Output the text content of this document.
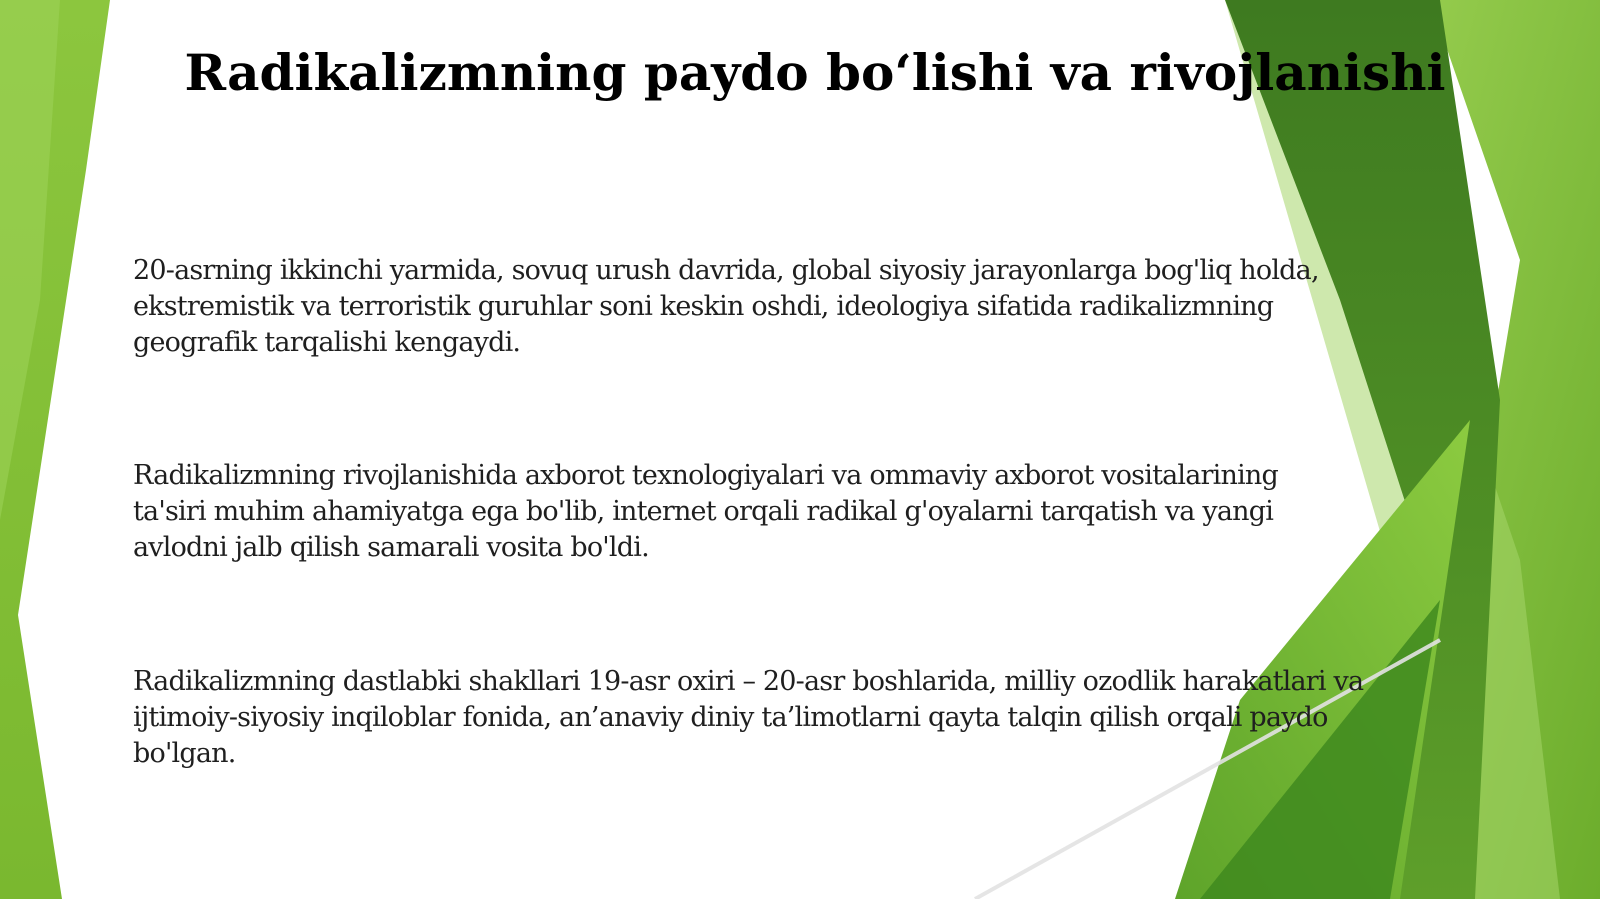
Radikalizmning paydo bo‘lishi va rivojlanishi

20-asrning ikkinchi yarmida, sovuq urush davrida, global siyosiy jarayonlarga bog'liq holda,
ekstremistik va terroristik guruhlar soni keskin oshdi, ideologiya sifatida radikalizmning
geografik tarqalishi kengaydi.

Radikalizmning rivojlanishida axborot texnologiyalari va ommaviy axborot vositalarining
ta'siri muhim ahamiyatga ega bo'lib, internet orqali radikal g'oyalarni tarqatish va yangi
avlodni jalb qilish samarali vosita bo'ldi.

Radikalizmning dastlabki shakllari 19-asr oxiri – 20-asr boshlarida, milliy ozodlik harakatlari va
ijtimoiy-siyosiy inqiloblar fonida, an’anaviy diniy ta’limotlarni qayta talqin qilish orqali paydo
bo'lgan.
